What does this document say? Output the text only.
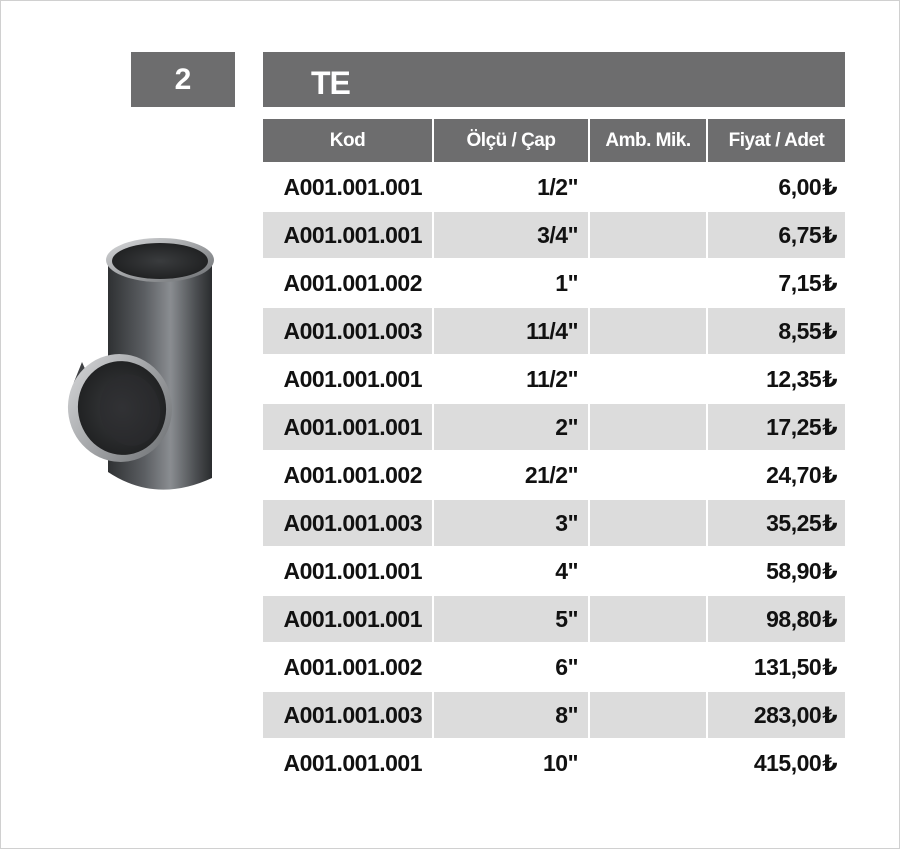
2	TE
Kod	Ölçü / Çap	Amb. Mik.	Fiyat / Adet
A001.001.001	1/2"		6,00₺
A001.001.001	3/4"		6,75₺
A001.001.002	1"		7,15₺
A001.001.003	11/4"		8,55₺
A001.001.001	11/2"		12,35₺
A001.001.001	2"		17,25₺
A001.001.002	21/2"		24,70₺
A001.001.003	3"		35,25₺
A001.001.001	4"		58,90₺
A001.001.001	5"		98,80₺
A001.001.002	6"		131,50₺
A001.001.003	8"		283,00₺
A001.001.001	10"		415,00₺
